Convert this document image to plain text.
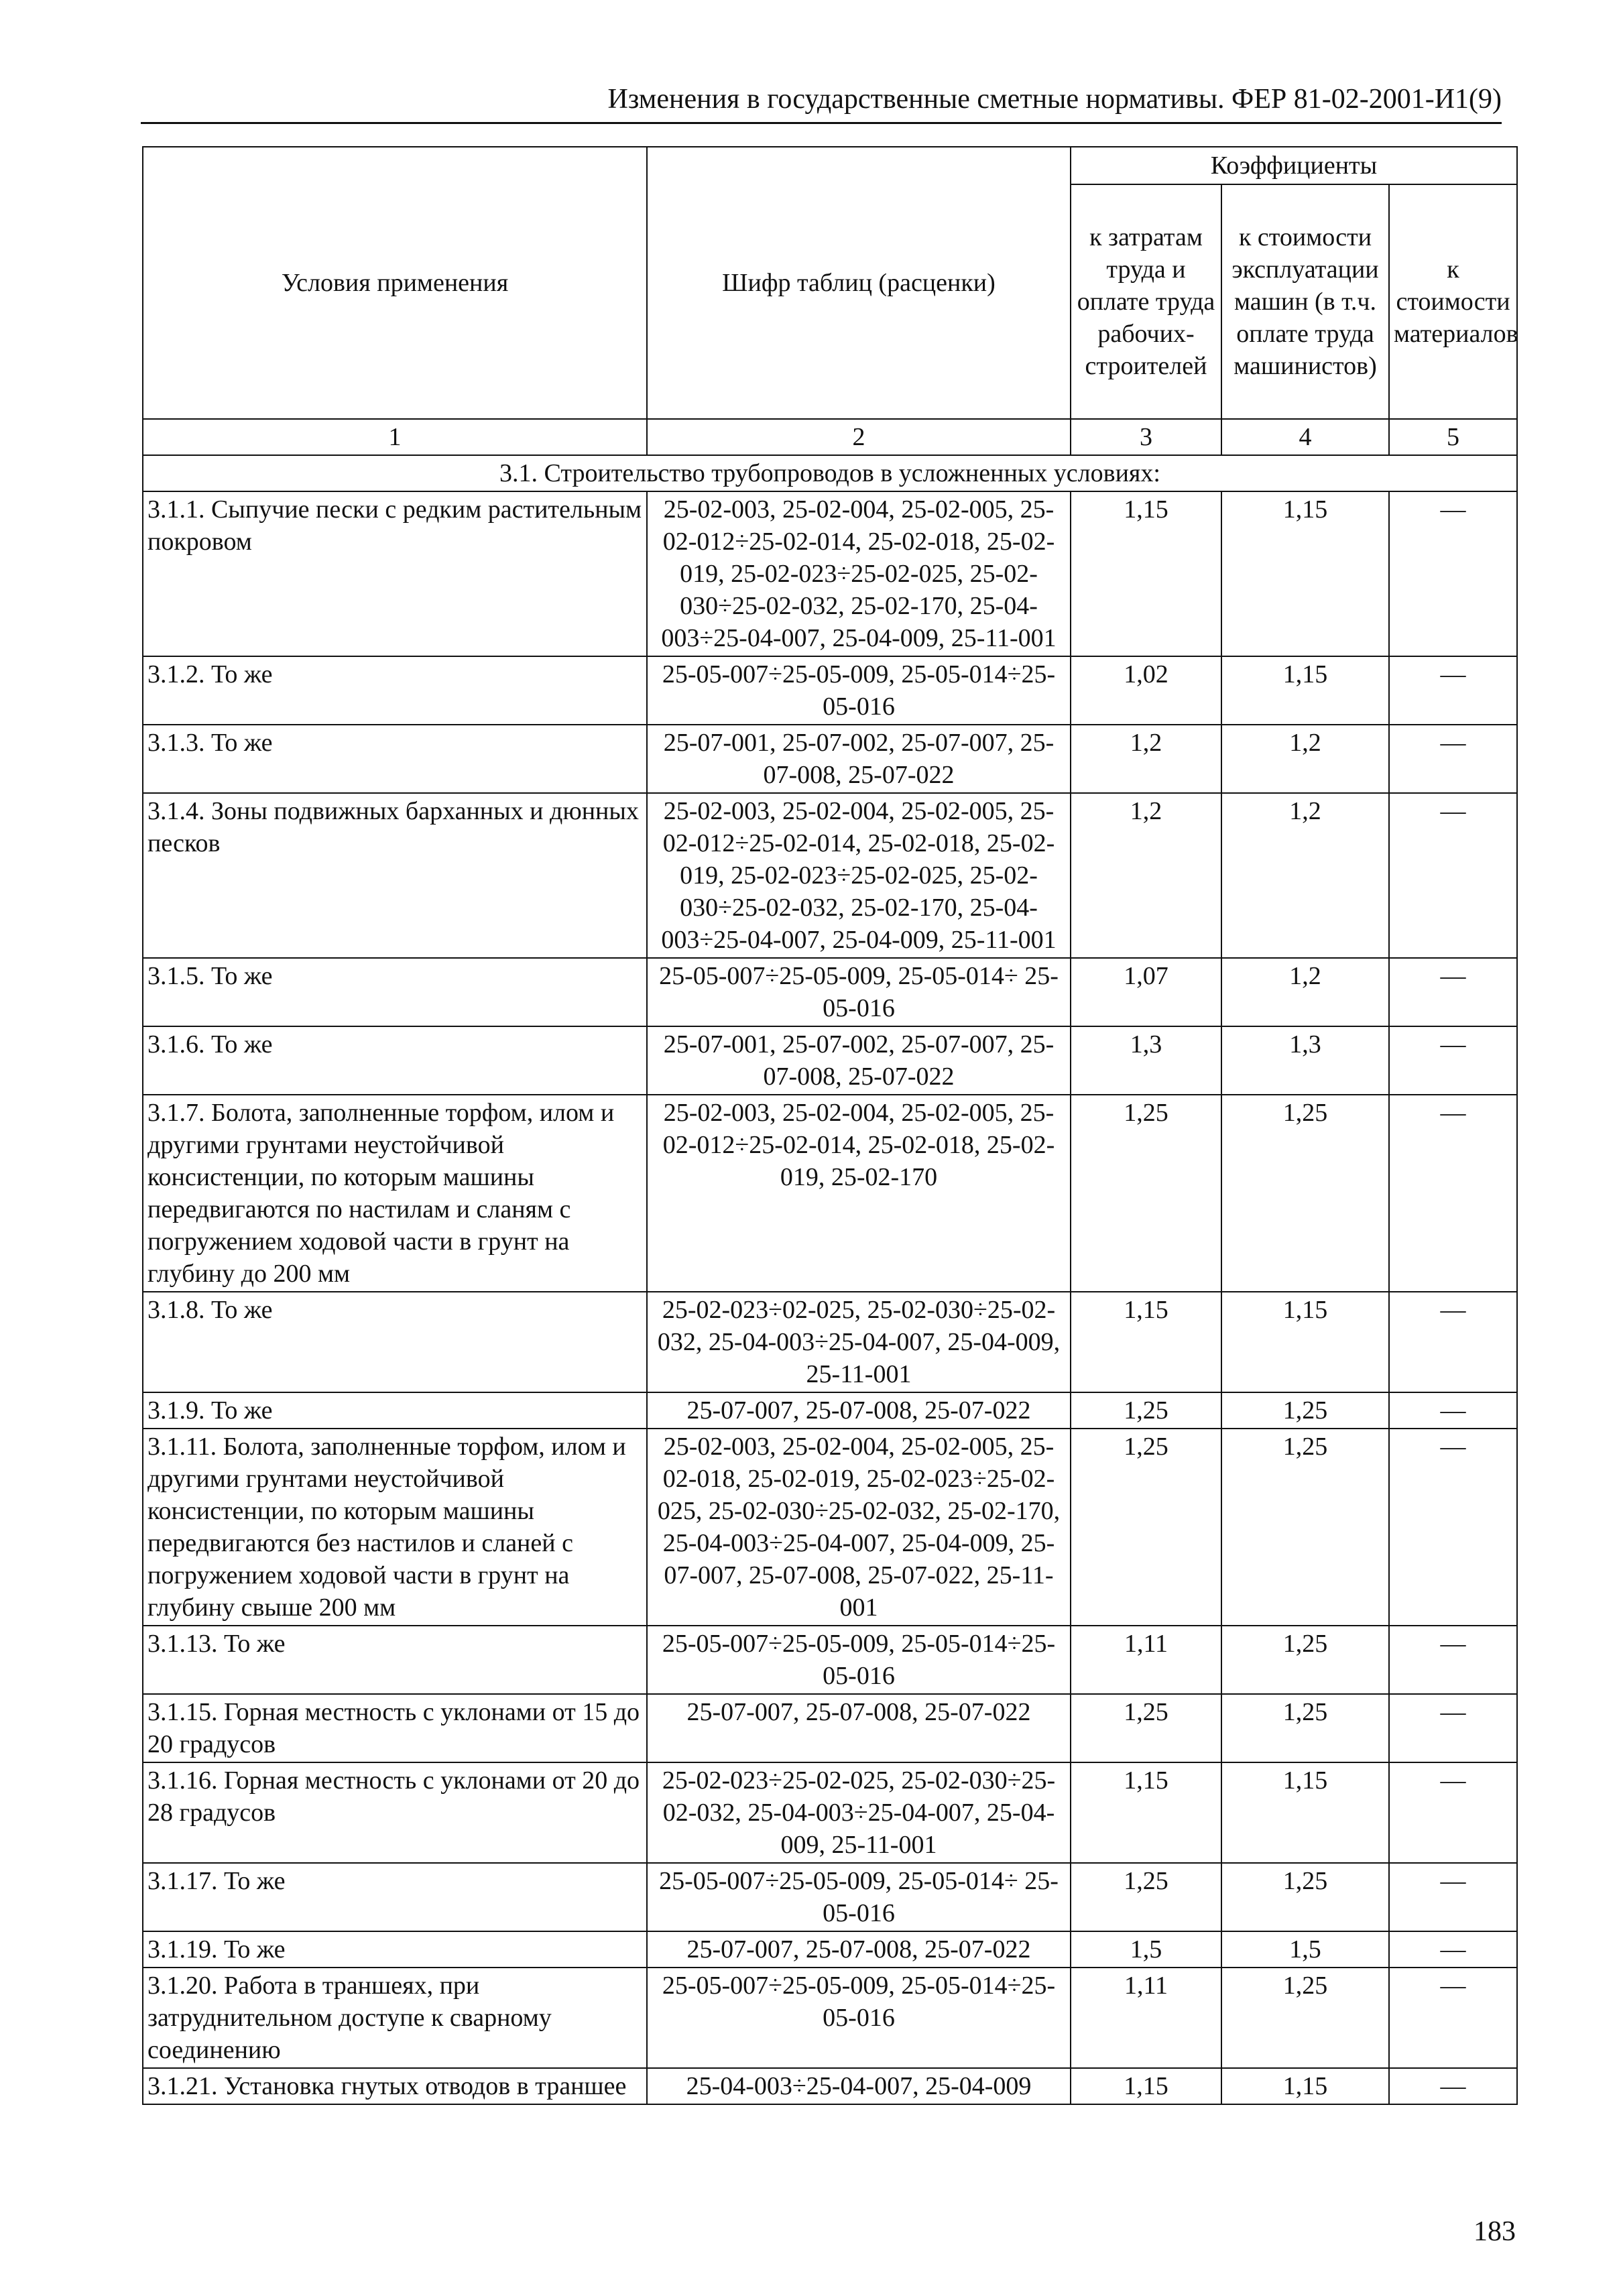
Изменения в государственные сметные нормативы. ФЕР 81-02-2001-И1(9)
Условия применения	Шифр таблиц (расценки)	Коэффициенты		
		к затратам труда и оплате труда рабочих-строителей	к стоимости эксплуатации машин (в т.ч. оплате труда машинистов)	к стоимости материалов
1	2	3	4	5
3.1. Строительство трубопроводов в усложненных условиях:				
3.1.1. Сыпучие пески с редким растительным покровом	25-02-003, 25-02-004, 25-02-005, 25-02-012÷25-02-014, 25-02-018, 25-02-019, 25-02-023÷25-02-025, 25-02-030÷25-02-032, 25-02-170, 25-04-003÷25-04-007, 25-04-009, 25-11-001	1,15	1,15	—
3.1.2. То же	25-05-007÷25-05-009, 25-05-014÷25-05-016	1,02	1,15	—
3.1.3. То же	25-07-001, 25-07-002, 25-07-007, 25-07-008, 25-07-022	1,2	1,2	—
3.1.4. Зоны подвижных барханных и дюнных песков	25-02-003, 25-02-004, 25-02-005, 25-02-012÷25-02-014, 25-02-018, 25-02-019, 25-02-023÷25-02-025, 25-02-030÷25-02-032, 25-02-170, 25-04-003÷25-04-007, 25-04-009, 25-11-001	1,2	1,2	—
3.1.5. То же	25-05-007÷25-05-009, 25-05-014÷ 25-05-016	1,07	1,2	—
3.1.6. То же	25-07-001, 25-07-002, 25-07-007, 25-07-008, 25-07-022	1,3	1,3	—
3.1.7. Болота, заполненные торфом, илом и другими грунтами неустойчивой консистенции, по которым машины передвигаются по настилам и сланям с погружением ходовой части в грунт на глубину до 200 мм	25-02-003, 25-02-004, 25-02-005, 25-02-012÷25-02-014, 25-02-018, 25-02-019, 25-02-170	1,25	1,25	—
3.1.8. То же	25-02-023÷02-025, 25-02-030÷25-02-032, 25-04-003÷25-04-007, 25-04-009, 25-11-001	1,15	1,15	—
3.1.9. То же	25-07-007, 25-07-008, 25-07-022	1,25	1,25	—
3.1.11. Болота, заполненные торфом, илом и другими грунтами неустойчивой консистенции, по которым машины передвигаются без настилов и сланей с погружением ходовой части в грунт на глубину свыше 200 мм	25-02-003, 25-02-004, 25-02-005, 25-02-018, 25-02-019, 25-02-023÷25-02-025, 25-02-030÷25-02-032, 25-02-170, 25-04-003÷25-04-007, 25-04-009, 25-07-007, 25-07-008, 25-07-022, 25-11-001	1,25	1,25	—
3.1.13. То же	25-05-007÷25-05-009, 25-05-014÷25-05-016	1,11	1,25	—
3.1.15. Горная местность с уклонами от 15 до 20 градусов	25-07-007, 25-07-008, 25-07-022	1,25	1,25	—
3.1.16. Горная местность с уклонами от 20 до 28 градусов	25-02-023÷25-02-025, 25-02-030÷25-02-032, 25-04-003÷25-04-007, 25-04-009, 25-11-001	1,15	1,15	—
3.1.17. То же	25-05-007÷25-05-009, 25-05-014÷ 25-05-016	1,25	1,25	—
3.1.19. То же	25-07-007, 25-07-008, 25-07-022	1,5	1,5	—
3.1.20. Работа в траншеях, при затруднительном доступе к сварному соединению	25-05-007÷25-05-009, 25-05-014÷25-05-016	1,11	1,25	—
3.1.21. Установка гнутых отводов в траншее	25-04-003÷25-04-007, 25-04-009	1,15	1,15	—
183
